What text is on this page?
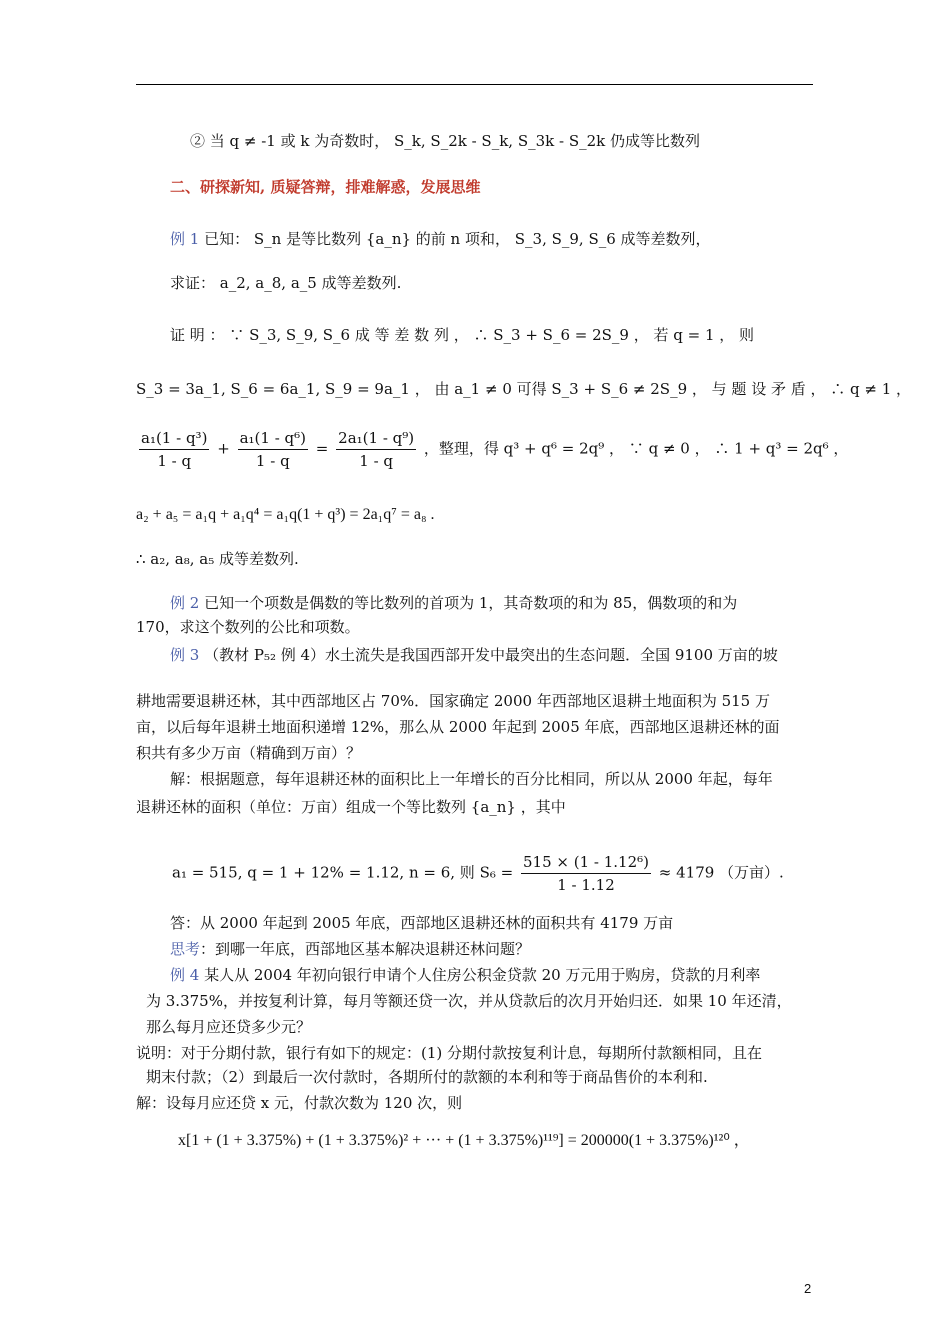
② 当 q ≠ -1 或 k 为奇数时， S_k, S_2k - S_k, S_3k - S_2k 仍成等比数列
二、研探新知, 质疑答辩，排难解惑，发展思维
例 1 已知： S_n 是等比数列 {a_n} 的前 n 项和， S_3, S_9, S_6 成等差数列，
求证： a_2, a_8, a_5 成等差数列.
证 明 ： ∵ S_3, S_9, S_6 成 等 差 数 列 ， ∴ S_3 + S_6 = 2S_9 ， 若 q = 1 ， 则
S_3 = 3a_1, S_6 = 6a_1, S_9 = 9a_1 ， 由 a_1 ≠ 0 可得 S_3 + S_6 ≠ 2S_9 ， 与 题 设 矛 盾 ， ∴ q ≠ 1 ，
$\frac{\text{a₁(1 - q³)}}{1 - q} + \frac{\text{a₁(1 - q⁶)}}{1 - q} = \frac{\text{2a₁(1 - q⁹)}}{1 - q}$ ，整理，得 q³ + q⁶ = 2q⁹ ， ∵ q ≠ 0 ， ∴ 1 + q³ = 2q⁶ ，
a₂ + a₅ = a₁q + a₁q⁴ = a₁q(1 + q³) = 2a₁q⁷ = a₈ .
∴ a₂, a₈, a₅ 成等差数列.
例 2 已知一个项数是偶数的等比数列的首项为 1，其奇数项的和为 85，偶数项的和为
170，求这个数列的公比和项数。
例 3 （教材 P₅₂ 例 4）水土流失是我国西部开发中最突出的生态问题．全国 9100 万亩的坡
耕地需要退耕还林，其中西部地区占 70%．国家确定 2000 年西部地区退耕土地面积为 515 万
亩，以后每年退耕土地面积递增 12%，那么从 2000 年起到 2005 年底，西部地区退耕还林的面
积共有多少万亩（精确到万亩）？
解：根据题意，每年退耕还林的面积比上一年增长的百分比相同，所以从 2000 年起，每年
退耕还林的面积（单位：万亩）组成一个等比数列 {a_n} ，其中
a₁ = 515, q = 1 + 12% = 1.12, n = 6, 则 $S_6 = \frac{\text{515 × (1 - 1.12⁶)}}{1 - 1.12} \approx 4179$ （万亩）.
答：从 2000 年起到 2005 年底，西部地区退耕还林的面积共有 4179 万亩
思考：到哪一年底，西部地区基本解决退耕还林问题？
例 4 某人从 2004 年初向银行申请个人住房公积金贷款 20 万元用于购房，贷款的月利率
为 3.375%，并按复利计算，每月等额还贷一次，并从贷款后的次月开始归还．如果 10 年还清，
那么每月应还贷多少元？
说明：对于分期付款，银行有如下的规定：(1) 分期付款按复利计息，每期所付款额相同，且在
期末付款；（2）到最后一次付款时，各期所付的款额的本利和等于商品售价的本利和.
解：设每月应还贷 x 元，付款次数为 120 次，则
x[1 + (1 + 3.375%) + (1 + 3.375%)² + ··· + (1 + 3.375%)¹¹⁹] = 200000(1 + 3.375%)¹²⁰ ，
2
